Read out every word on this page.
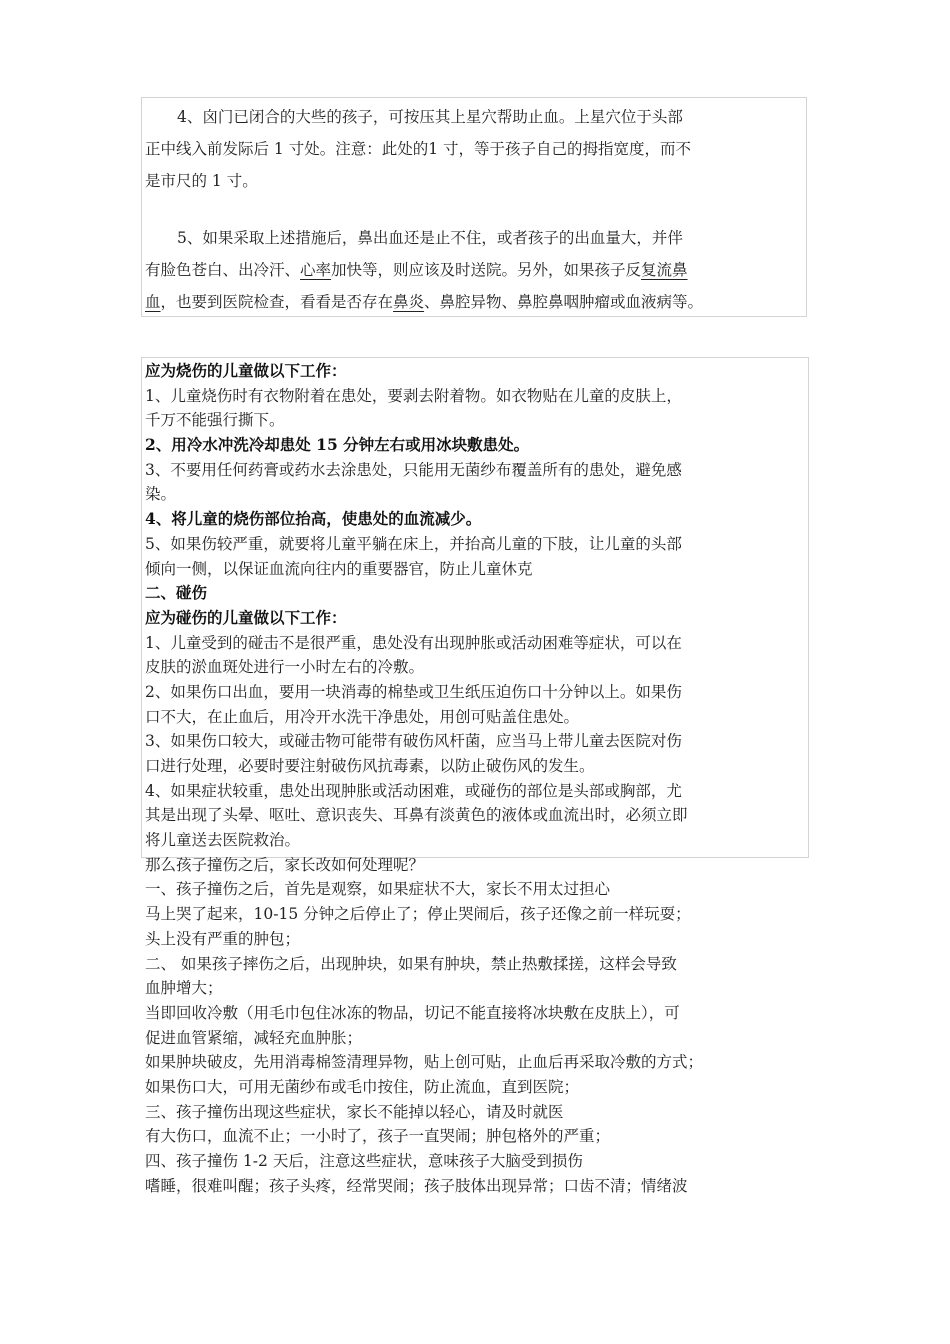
4、囟门已闭合的大些的孩子，可按压其上星穴帮助止血。上星穴位于头部
正中线入前发际后 1 寸处。注意：此处的1 寸，等于孩子自己的拇指宽度，而不
是市尺的 1 寸。

5、如果采取上述措施后，鼻出血还是止不住，或者孩子的出血量大，并伴
有脸色苍白、出冷汗、心率加快等，则应该及时送院。另外，如果孩子反复流鼻
血，也要到医院检查，看看是否存在鼻炎、鼻腔异物、鼻腔鼻咽肿瘤或血液病等。

应为烧伤的儿童做以下工作：
1、儿童烧伤时有衣物附着在患处，要剥去附着物。如衣物贴在儿童的皮肤上，
千万不能强行撕下。
2、用冷水冲洗冷却患处 15 分钟左右或用冰块敷患处。
3、不要用任何药膏或药水去涂患处，只能用无菌纱布覆盖所有的患处，避免感
染。
4、将儿童的烧伤部位抬高，使患处的血流减少。
5、如果伤较严重，就要将儿童平躺在床上，并抬高儿童的下肢，让儿童的头部
倾向一侧，以保证血流向往内的重要器官，防止儿童休克
二、碰伤
应为碰伤的儿童做以下工作：
1、儿童受到的碰击不是很严重，患处没有出现肿胀或活动困难等症状，可以在
皮肤的淤血斑处进行一小时左右的冷敷。
2、如果伤口出血，要用一块消毒的棉垫或卫生纸压迫伤口十分钟以上。如果伤
口不大，在止血后，用冷开水洗干净患处，用创可贴盖住患处。
3、如果伤口较大，或碰击物可能带有破伤风杆菌，应当马上带儿童去医院对伤
口进行处理，必要时要注射破伤风抗毒素，以防止破伤风的发生。
4、如果症状较重，患处出现肿胀或活动困难，或碰伤的部位是头部或胸部，尤
其是出现了头晕、呕吐、意识丧失、耳鼻有淡黄色的液体或血流出时，必须立即
将儿童送去医院救治。
那么孩子撞伤之后，家长改如何处理呢？
一、孩子撞伤之后，首先是观察，如果症状不大，家长不用太过担心
马上哭了起来，10-15 分钟之后停止了；停止哭闹后，孩子还像之前一样玩耍；
头上没有严重的肿包；
二、 如果孩子摔伤之后，出现肿块，如果有肿块，禁止热敷揉搓，这样会导致
血肿增大；
当即回收冷敷（用毛巾包住冰冻的物品，切记不能直接将冰块敷在皮肤上），可
促进血管紧缩，减轻充血肿胀；
如果肿块破皮，先用消毒棉签清理异物，贴上创可贴，止血后再采取冷敷的方式；
如果伤口大，可用无菌纱布或毛巾按住，防止流血，直到医院；
三、孩子撞伤出现这些症状，家长不能掉以轻心，请及时就医
有大伤口，血流不止；一小时了，孩子一直哭闹；肿包格外的严重；
四、孩子撞伤 1-2 天后，注意这些症状，意味孩子大脑受到损伤
嗜睡，很难叫醒；孩子头疼，经常哭闹；孩子肢体出现异常；口齿不清；情绪波
